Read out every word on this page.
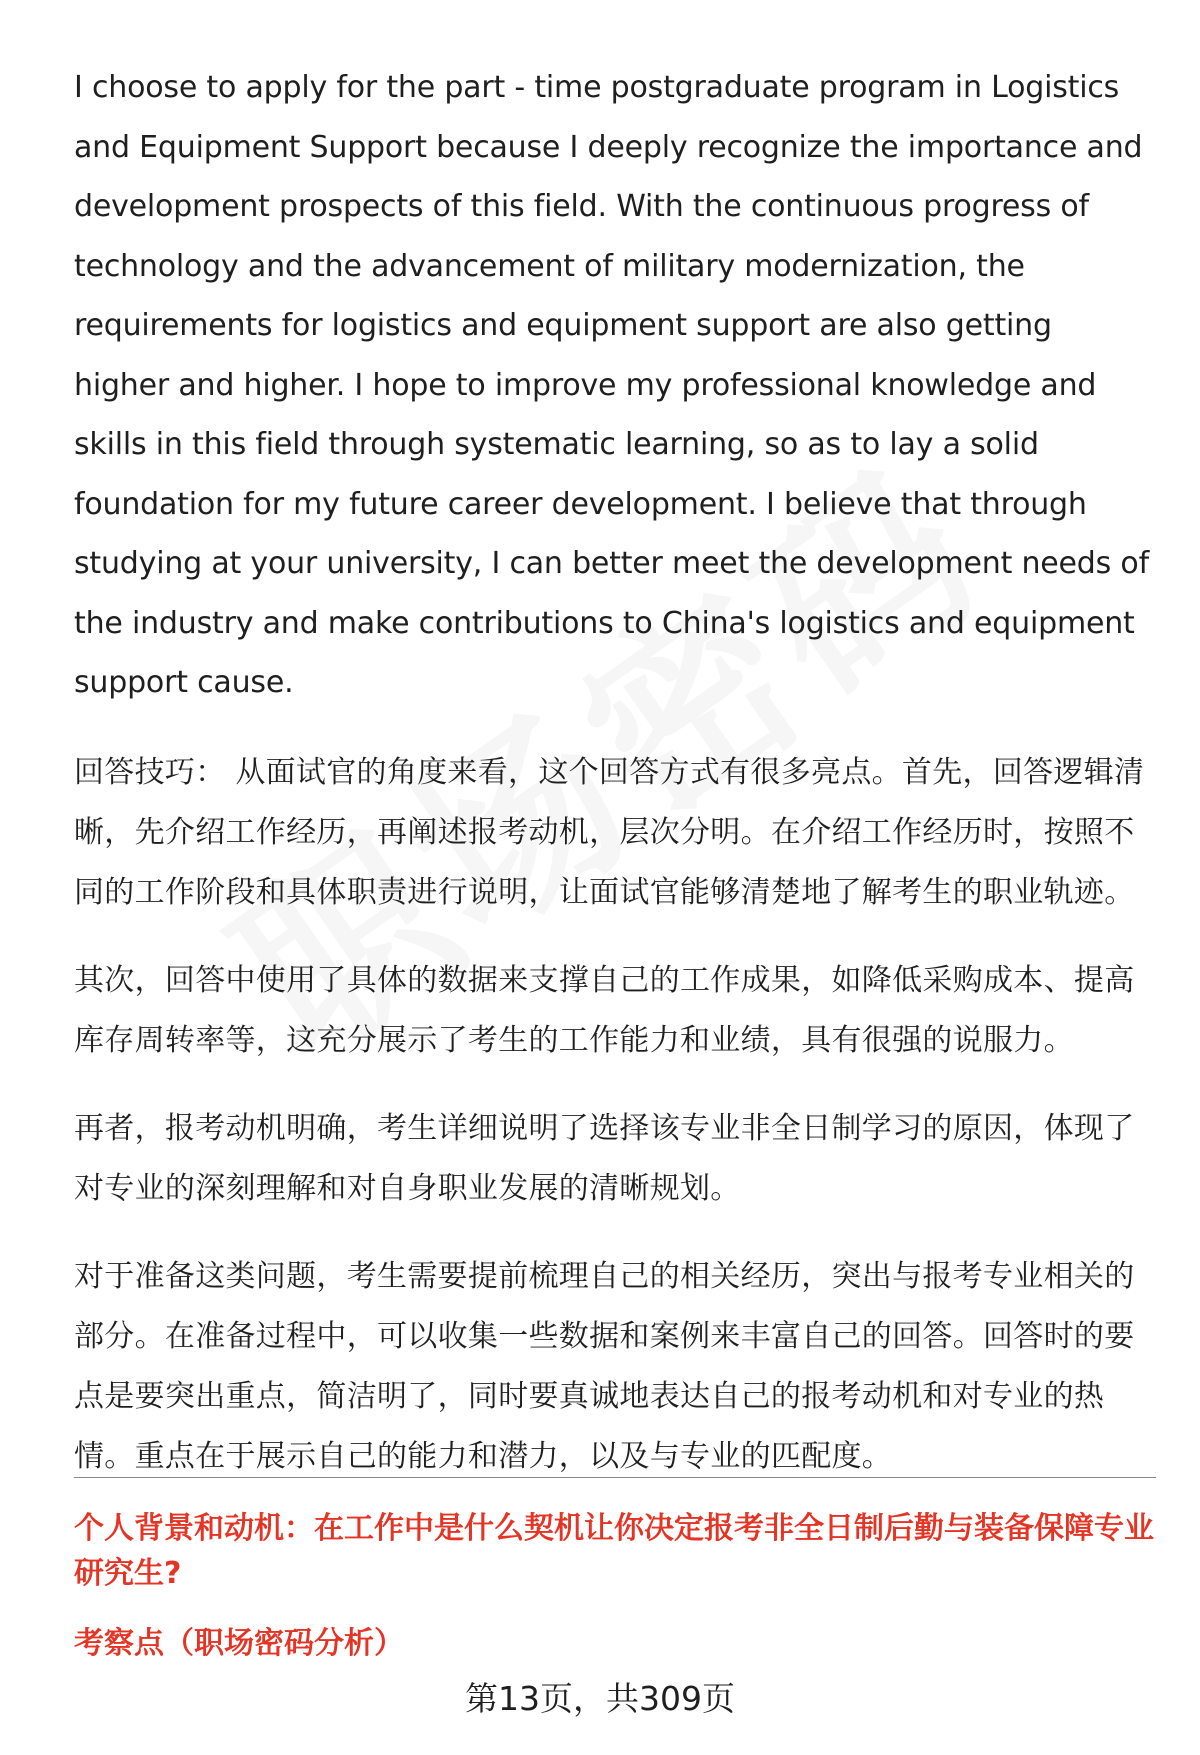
I choose to apply for the part - time postgraduate program in Logistics and Equipment Support because I deeply recognize the importance and development prospects of this field. With the continuous progress of technology and the advancement of military modernization, the requirements for logistics and equipment support are also getting higher and higher. I hope to improve my professional knowledge and skills in this field through systematic learning, so as to lay a solid foundation for my future career development. I believe that through studying at your university, I can better meet the development needs of the industry and make contributions to China's logistics and equipment support cause.

回答技巧： 从面试官的角度来看，这个回答方式有很多亮点。首先，回答逻辑清晰，先介绍工作经历，再阐述报考动机，层次分明。在介绍工作经历时，按照不同的工作阶段和具体职责进行说明，让面试官能够清楚地了解考生的职业轨迹。

其次，回答中使用了具体的数据来支撑自己的工作成果，如降低采购成本、提高库存周转率等，这充分展示了考生的工作能力和业绩，具有很强的说服力。

再者，报考动机明确，考生详细说明了选择该专业非全日制学习的原因，体现了对专业的深刻理解和对自身职业发展的清晰规划。

对于准备这类问题，考生需要提前梳理自己的相关经历，突出与报考专业相关的部分。在准备过程中，可以收集一些数据和案例来丰富自己的回答。回答时的要点是要突出重点，简洁明了，同时要真诚地表达自己的报考动机和对专业的热情。重点在于展示自己的能力和潜力，以及与专业的匹配度。

个人背景和动机：在工作中是什么契机让你决定报考非全日制后勤与装备保障专业研究生?
考察点（职场密码分析）
第13页，共309页
